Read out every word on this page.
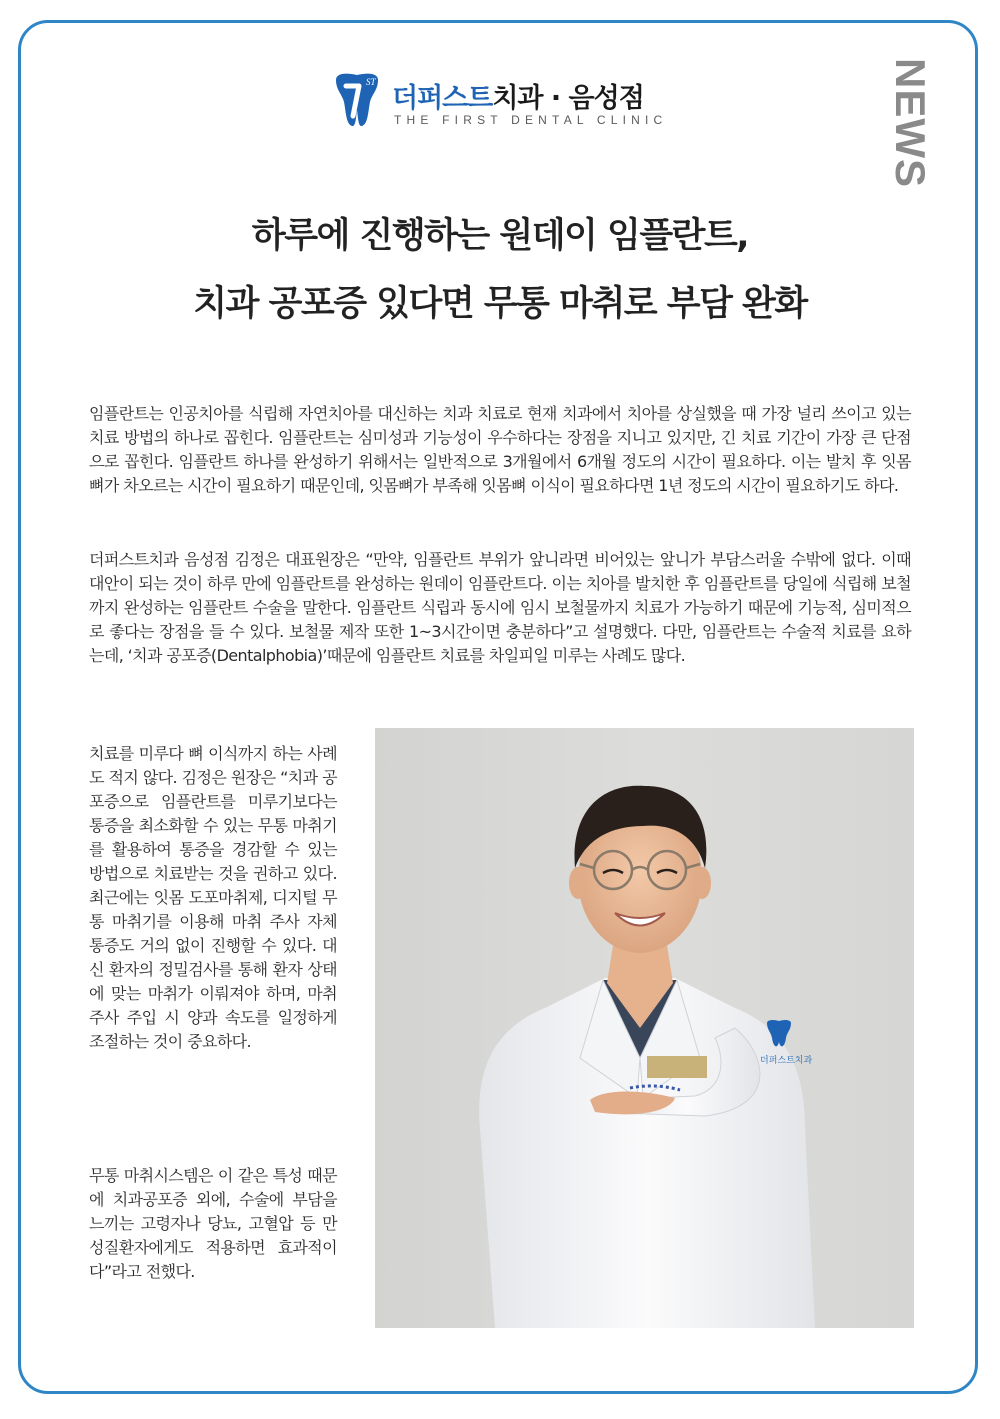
ST
더퍼스트치과 · 음성점
THE FIRST DENTAL CLINIC	NEWS
하루에 진행하는 원데이 임플란트,
치과 공포증 있다면 무통 마취로 부담 완화

임플란트는 인공치아를 식립해 자연치아를 대신하는 치과 치료로 현재 치과에서 치아를 상실했을 때 가장 널리 쓰이고 있는 치료 방법의 하나로 꼽힌다. 임플란트는 심미성과 기능성이 우수하다는 장점을 지니고 있지만, 긴 치료 기간이 가장 큰 단점으로 꼽힌다. 임플란트 하나를 완성하기 위해서는 일반적으로 3개월에서 6개월 정도의 시간이 필요하다. 이는 발치 후 잇몸뼈가 차오르는 시간이 필요하기 때문인데, 잇몸뼈가 부족해 잇몸뼈 이식이 필요하다면 1년 정도의 시간이 필요하기도 하다.

더퍼스트치과 음성점 김정은 대표원장은 “만약, 임플란트 부위가 앞니라면 비어있는 앞니가 부담스러울 수밖에 없다. 이때 대안이 되는 것이 하루 만에 임플란트를 완성하는 원데이 임플란트다. 이는 치아를 발치한 후 임플란트를 당일에 식립해 보철까지 완성하는 임플란트 수술을 말한다. 임플란트 식립과 동시에 임시 보철물까지 치료가 가능하기 때문에 기능적, 심미적으로 좋다는 장점을 들 수 있다. 보철물 제작 또한 1~3시간이면 충분하다”고 설명했다. 다만, 임플란트는 수술적 치료를 요하는데, ‘치과 공포증(Dentalphobia)’때문에 임플란트 치료를 차일피일 미루는 사례도 많다.

치료를 미루다 뼈 이식까지 하는 사례도 적지 않다. 김정은 원장은 “치과 공포증으로 임플란트를 미루기보다는 통증을 최소화할 수 있는 무통 마취기를 활용하여 통증을 경감할 수 있는 방법으로 치료받는 것을 권하고 있다. 최근에는 잇몸 도포마취제, 디지털 무통 마취기를 이용해 마취 주사 자체 통증도 거의 없이 진행할 수 있다. 대신 환자의 정밀검사를 통해 환자 상태에 맞는 마취가 이뤄져야 하며, 마취 주사 주입 시 양과 속도를 일정하게 조절하는 것이 중요하다.

무통 마취시스템은 이 같은 특성 때문에 치과공포증 외에, 수술에 부담을 느끼는 고령자나 당뇨, 고혈압 등 만성질환자에게도 적용하면 효과적이다”라고 전했다.

더퍼스트치과
